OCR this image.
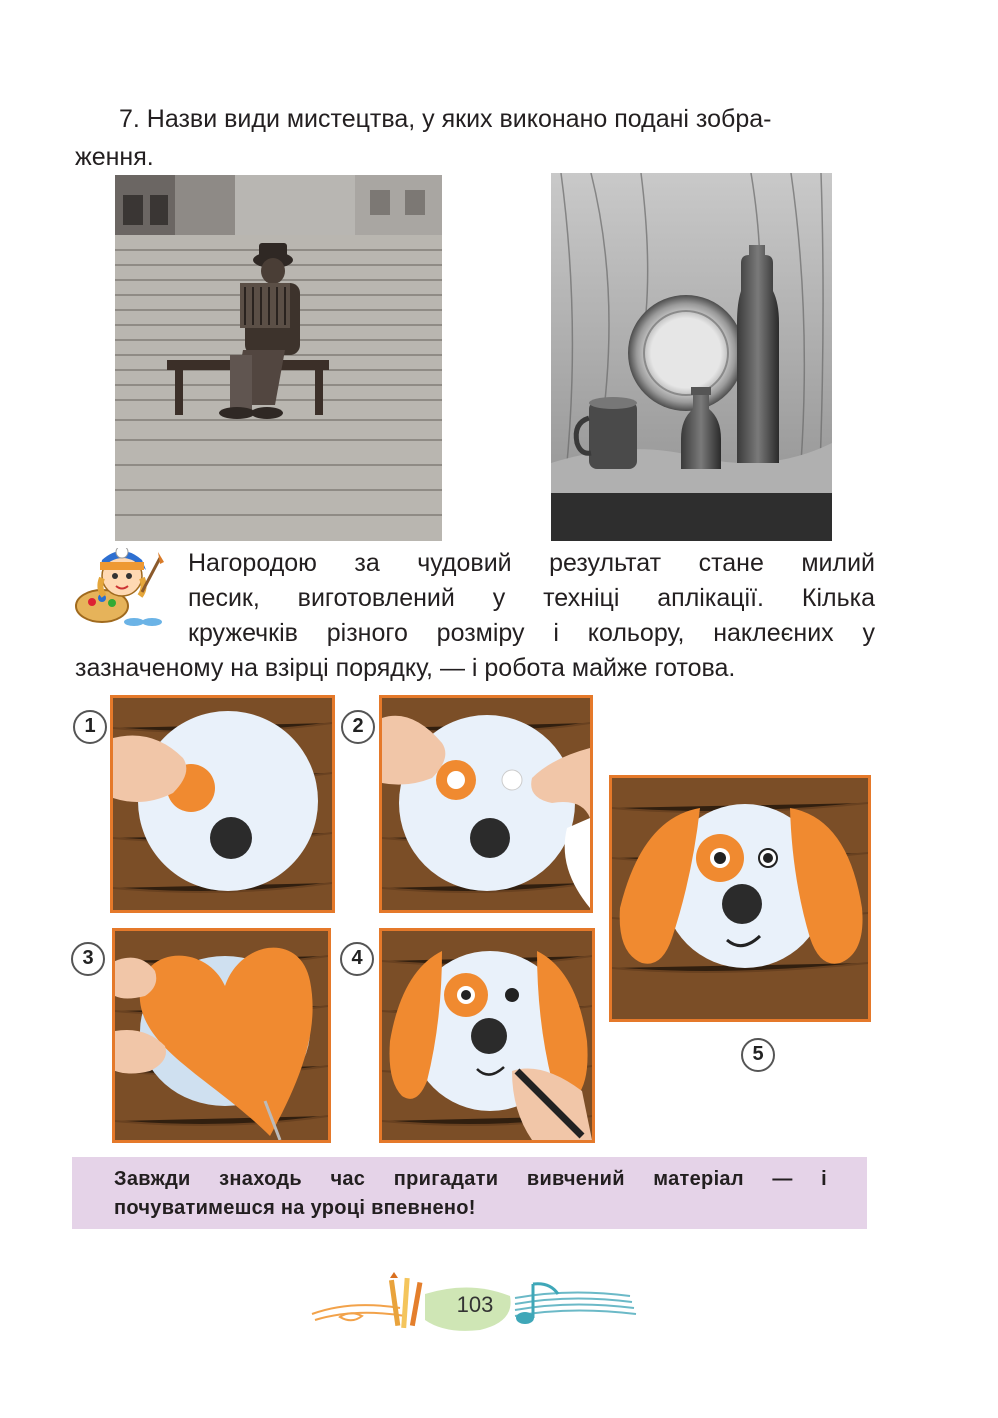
7. Назви види мистецтва, у яких виконано подані зобра-
ження.
Нагородою за чудовий результат стане милий
песик, виготовлений у техніці аплікації. Кілька
кружечків різного розміру і кольору, наклеєних у
зазначеному на взірці порядку, — і робота майже готова.
1	2
3	4
5
Завжди знаходь час пригадати вивчений матеріал — і
почуватимешся на уроці впевнено!
103
